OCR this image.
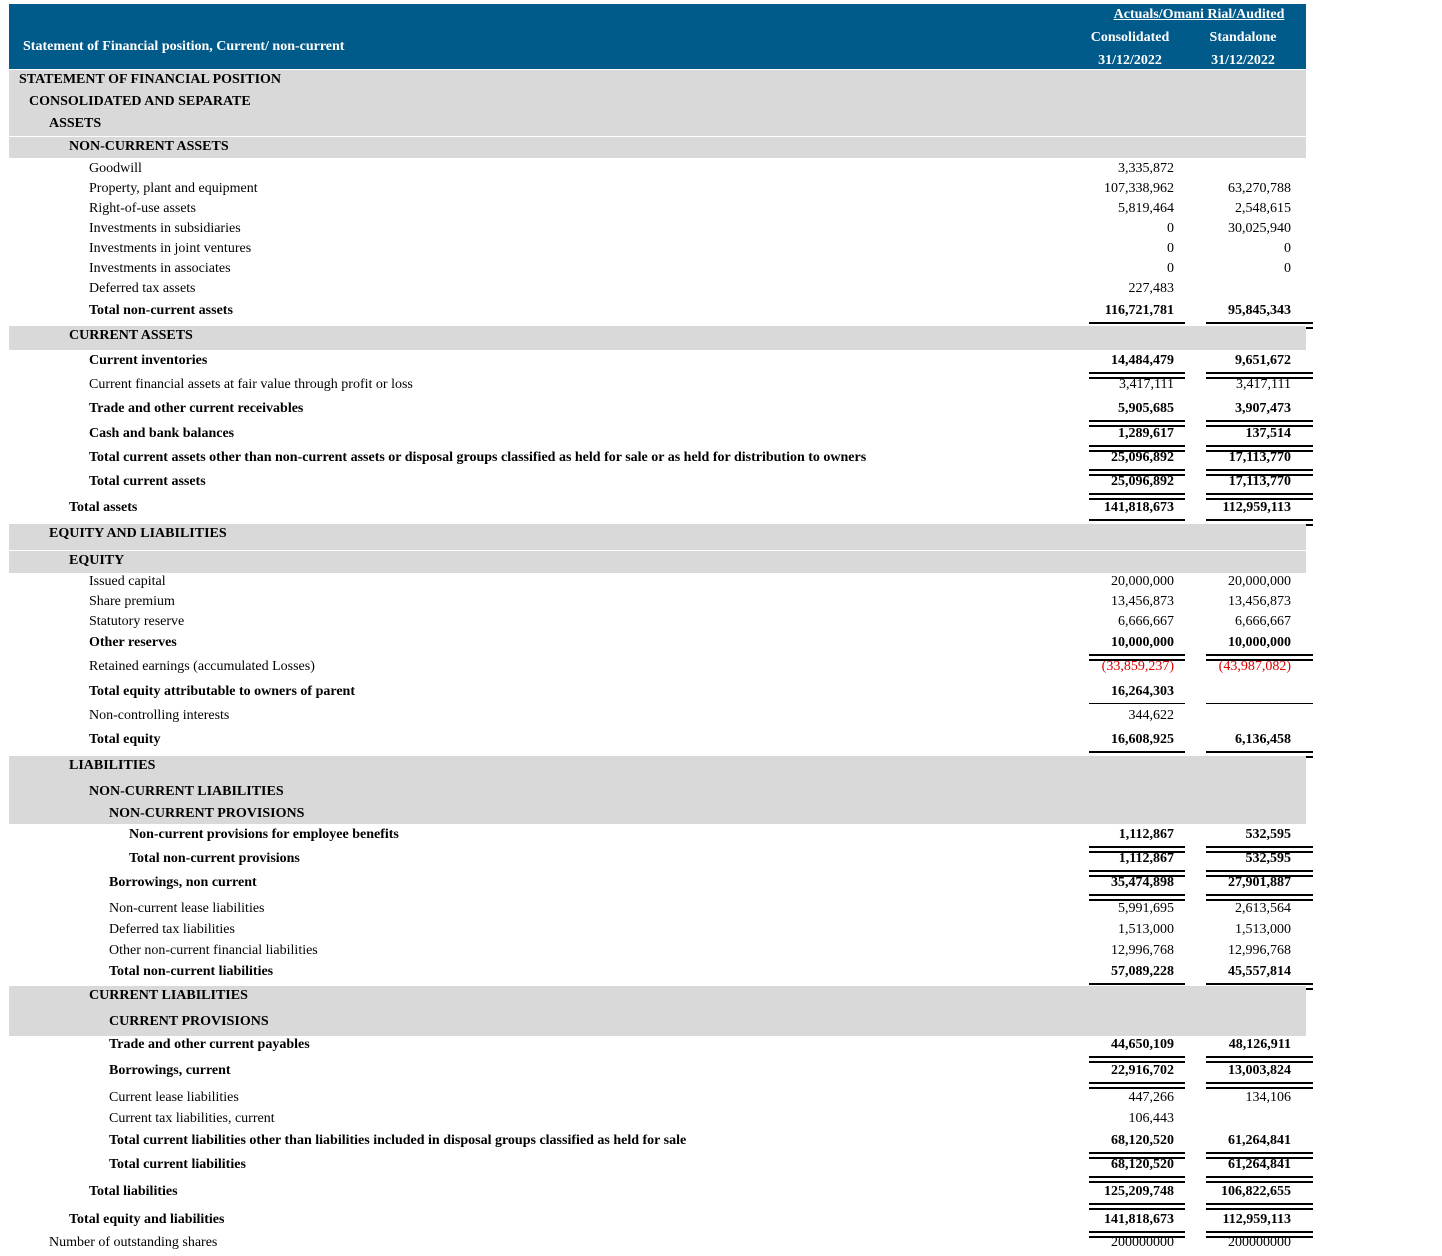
Statement of Financial position, Current/ non-current
Actuals/Omani Rial/Audited
Consolidated	Standalone
31/12/2022	31/12/2022
STATEMENT OF FINANCIAL POSITION
CONSOLIDATED AND SEPARATE
ASSETS
NON-CURRENT ASSETS
Goodwill	3,335,872
Property, plant and equipment	107,338,962	63,270,788
Right-of-use assets	5,819,464	2,548,615
Investments in subsidiaries	0	30,025,940
Investments in joint ventures	0	0
Investments in associates	0	0
Deferred tax assets	227,483
Total non-current assets	116,721,781	95,845,343
CURRENT ASSETS
Current inventories	14,484,479	9,651,672
Current financial assets at fair value through profit or loss	3,417,111	3,417,111
Trade and other current receivables	5,905,685	3,907,473
Cash and bank balances	1,289,617	137,514
Total current assets other than non-current assets or disposal groups classified as held for sale or as held for distribution to owners	25,096,892	17,113,770
Total current assets	25,096,892	17,113,770
Total assets	141,818,673	112,959,113
EQUITY AND LIABILITIES
EQUITY
Issued capital	20,000,000	20,000,000
Share premium	13,456,873	13,456,873
Statutory reserve	6,666,667	6,666,667
Other reserves	10,000,000	10,000,000
Retained earnings (accumulated Losses)	(33,859,237)	(43,987,082)
Total equity attributable to owners of parent	16,264,303
Non-controlling interests	344,622
Total equity	16,608,925	6,136,458
LIABILITIES
NON-CURRENT LIABILITIES
NON-CURRENT PROVISIONS
Non-current provisions for employee benefits	1,112,867	532,595
Total non-current provisions	1,112,867	532,595
Borrowings, non current	35,474,898	27,901,887
Non-current lease liabilities	5,991,695	2,613,564
Deferred tax liabilities	1,513,000	1,513,000
Other non-current financial liabilities	12,996,768	12,996,768
Total non-current liabilities	57,089,228	45,557,814
CURRENT LIABILITIES
CURRENT PROVISIONS
Trade and other current payables	44,650,109	48,126,911
Borrowings, current	22,916,702	13,003,824
Current lease liabilities	447,266	134,106
Current tax liabilities, current	106,443
Total current liabilities other than liabilities included in disposal groups classified as held for sale	68,120,520	61,264,841
Total current liabilities	68,120,520	61,264,841
Total liabilities	125,209,748	106,822,655
Total equity and liabilities	141,818,673	112,959,113
Number of outstanding shares	200000000	200000000
